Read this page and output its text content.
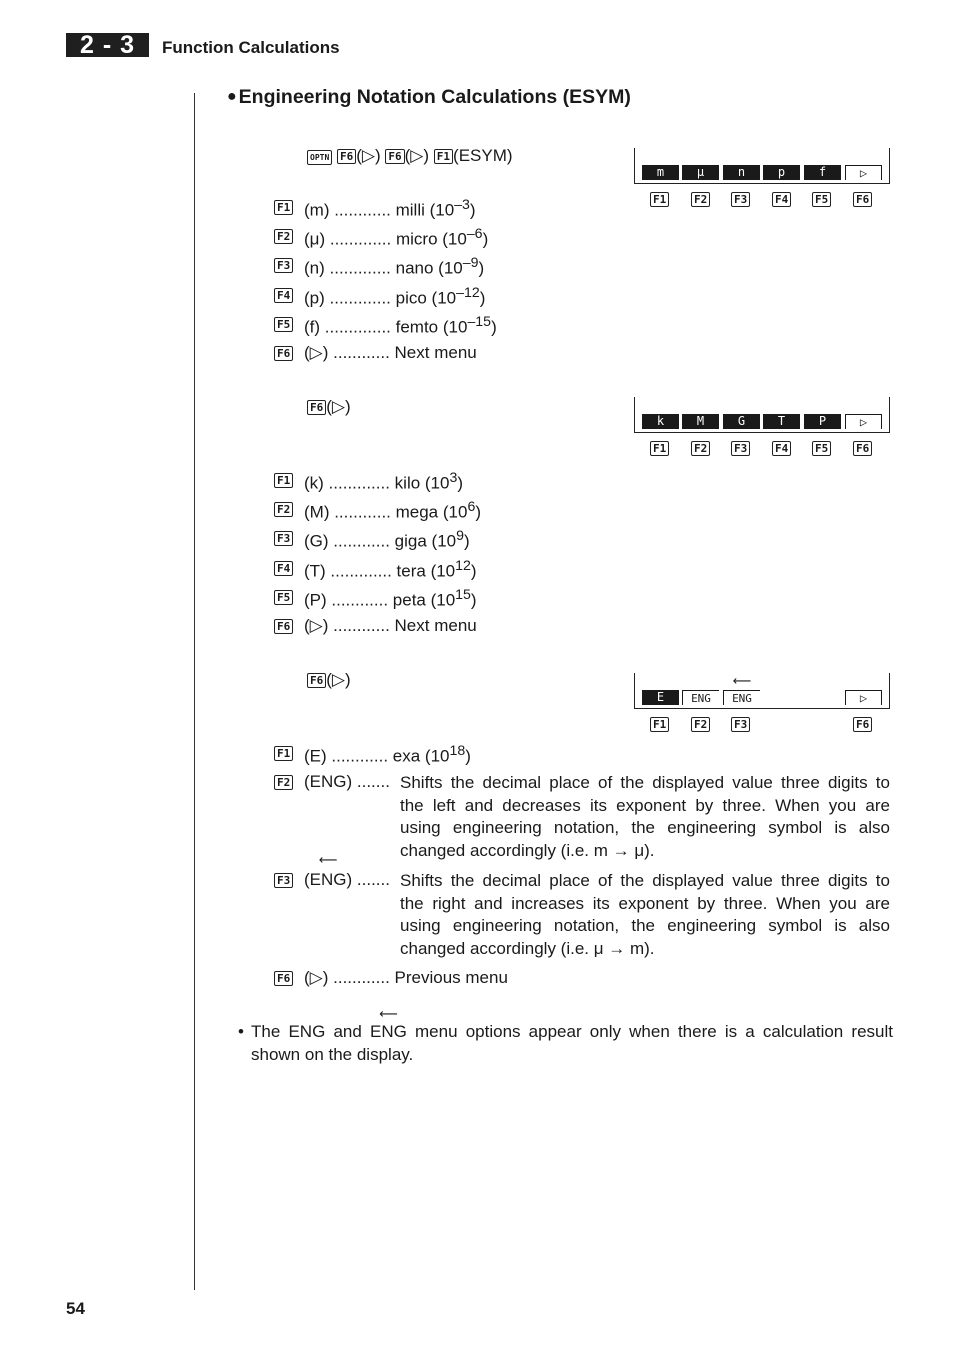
2 - 3	Function Calculations
● Engineering Notation Calculations (ESYM)
OPTN F6 (▷) F6 (▷) F1 (ESYM)
m	μ	n	p	f	▷
F1	F2 F3	F4 F5	F6
F1 (m) ............ milli $(10^{-3})$
F2 (μ) ............. micro $(10^{-6})$
F3 (n) ............. nano $(10^{-9})$
F4 (p) ............. pico $(10^{-12})$
F5 (f) .............. femto $(10^{-15})$
F6 (▷) ............ Next menu
F6 (▷)
k	M	G	T	P	▷
F1	F2 F3	F4 F5	F6
F1 (k) ............. kilo $(10^3)$
F2 (M) ............ mega $(10^6)$
F3 (G) ............ giga $(10^9)$
F4 (T) ............. tera $(10^{12})$
F5 (P) ............ peta $(10^{15})$
F6 (▷) ............ Next menu
F6 (▷)
E	ENG
⟵	ENG	▷
F1	F2 F3	F6
F1 (E) ............ exa $(10^{18})$
F2 (ENG) ....... Shifts the decimal place of the displayed value three digits to
the left and decreases its exponent by three. When you are
using engineering notation, the engineering symbol is also
changed accordingly (i.e. m → μ).
F3 (⟵ ENG) ....... Shifts the decimal place of the displayed value three digits to
the right and increases its exponent by three. When you are
using engineering notation, the engineering symbol is also
changed accordingly (i.e. μ → m).
F6 (▷) ............ Previous menu
• The ENG and ⟵ ENG menu options appear only when there is a calculation result shown on the display.
54
